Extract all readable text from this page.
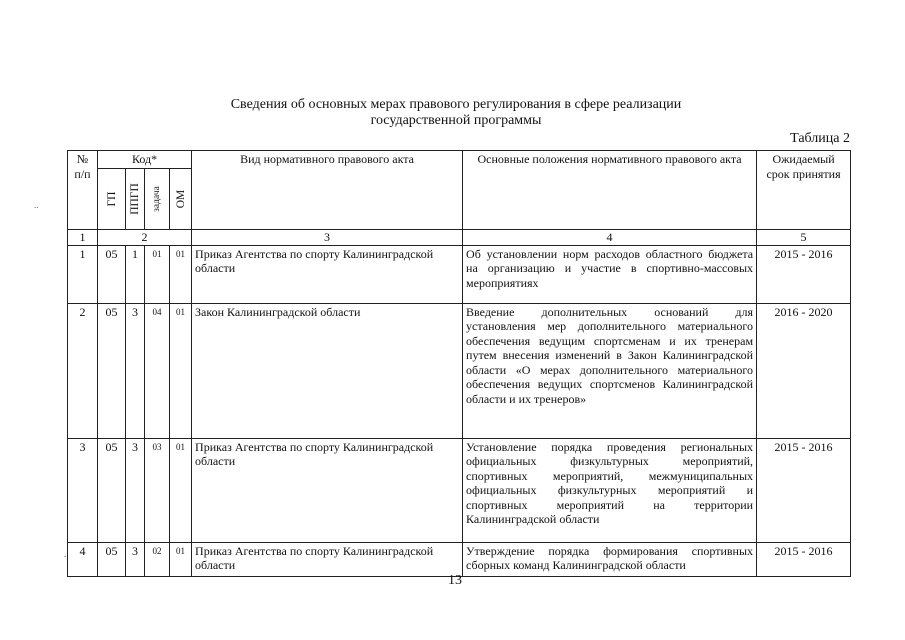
Сведения об основных мерах правового регулирования в сфере реализации
государственной программы
Таблица 2
..
№ п/п	Код*				Вид нормативного правового акта	Основные положения нормативного правового акта	Ожидаемый срок принятия

	ГП	ППГП	задача	ОМ			

1	2				3	4	5
1	05	1	01	01	Приказ Агентства по спорту Калининградской области	Об установлении норм расходов областного бюджета на организацию и участие в спортивно-массовых мероприятиях	2015 - 2016
2	05	3	04	01	Закон Калининградской области	Введение дополнительных оснований для установления мер дополнительного материального обеспечения ведущим спортсменам и их тренерам путем внесения изменений в Закон Калининградской области «О мерах дополнительного материального обеспечения ведущих спортсменов Калининградской области и их тренеров»	2016 - 2020
3	05	3	03	01	Приказ Агентства по спорту Калининградской области	Установление порядка проведения региональных официальных физкультурных мероприятий, спортивных мероприятий, межмуниципальных официальных физкультурных мероприятий и спортивных мероприятий на территории Калининградской области	2015 - 2016
4	05	3	02	01	Приказ Агентства по спорту Калининградской области	Утверждение порядка формирования спортивных сборных команд Калининградской области	2015 - 2016
.
13
